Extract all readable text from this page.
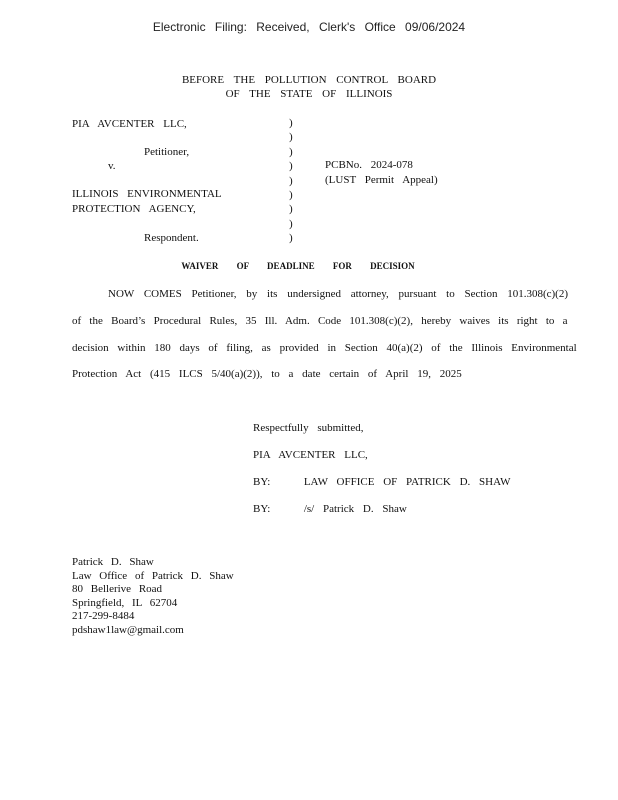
Electronic Filing: Received, Clerk's Office 09/06/2024
BEFORE THE POLLUTION CONTROL BOARD
OF THE STATE OF ILLINOIS
PIA AVCENTER LLC,
Petitioner,
v.
ILLINOIS ENVIRONMENTAL
PROTECTION AGENCY,
Respondent.
)
)
)
)
)
)
)
)
)
PCBNo. 2024-078
(LUST Permit Appeal)
WAIVER OF DEADLINE FOR DECISION
NOW COMES Petitioner, by its undersigned attorney, pursuant to Section 101.308(c)(2)
of the Board’s Procedural Rules, 35 Ill. Adm. Code 101.308(c)(2), hereby waives its right to a
decision within 180 days of filing, as provided in Section 40(a)(2) of the Illinois Environmental
Protection Act (415 ILCS 5/40(a)(2)), to a date certain of April 19, 2025
Respectfully submitted,
PIA AVCENTER LLC,
BY:	LAW OFFICE OF PATRICK D. SHAW
BY:	/s/ Patrick D. Shaw
Patrick D. Shaw
Law Office of Patrick D. Shaw
80 Bellerive Road
Springfield, IL 62704
217-299-8484
pdshaw1law@gmail.com
